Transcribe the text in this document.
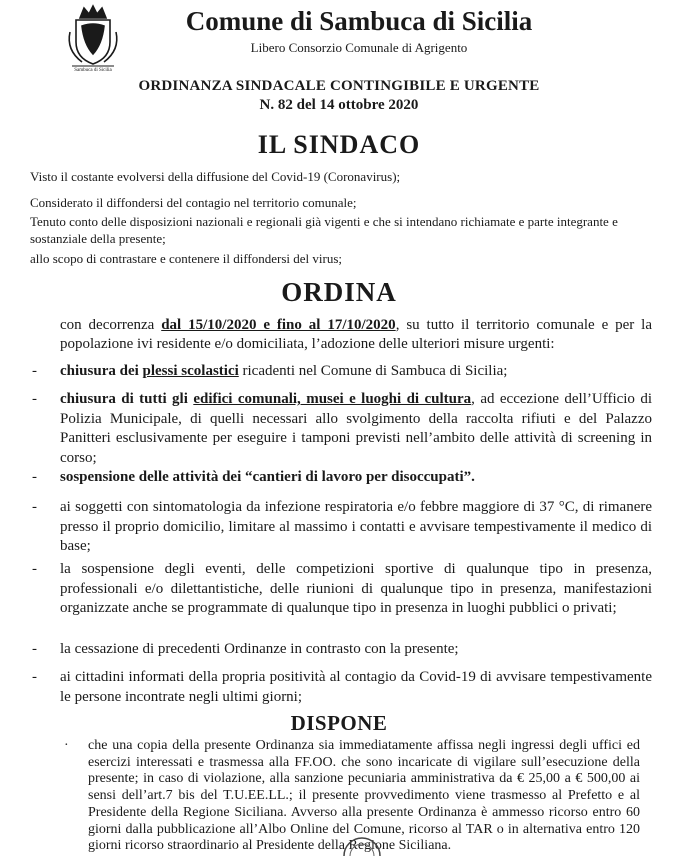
Sambuca di Sicilia
Comune di Sambuca di Sicilia
Libero Consorzio Comunale di Agrigento
ORDINANZA SINDACALE CONTINGIBILE E URGENTE
N. 82 del 14 ottobre 2020
IL SINDACO
Visto il costante evolversi della diffusione del Covid-19 (Coronavirus);
Considerato il diffondersi del contagio nel territorio comunale;
Tenuto conto delle disposizioni nazionali e regionali già vigenti e che si intendano richiamate e parte integrante e sostanziale della presente;
allo scopo di contrastare e contenere il diffondersi del virus;
ORDINA
con decorrenza dal 15/10/2020 e fino al 17/10/2020, su tutto il territorio comunale e per la popolazione ivi residente e/o domiciliata, l’adozione delle ulteriori misure urgenti:
- chiusura dei plessi scolastici ricadenti nel Comune di Sambuca di Sicilia;
- chiusura di tutti gli edifici comunali, musei e luoghi di cultura, ad eccezione dell’Ufficio di Polizia Municipale, di quelli necessari allo svolgimento della raccolta rifiuti e del Palazzo Panitteri esclusivamente per eseguire i tamponi previsti nell’ambito delle attività di screening in corso;
- sospensione delle attività dei “cantieri di lavoro per disoccupati”.
- ai soggetti con sintomatologia da infezione respiratoria e/o febbre maggiore di 37 °C, di rimanere presso il proprio domicilio, limitare al massimo i contatti e avvisare tempestivamente il medico di base;
- la sospensione degli eventi, delle competizioni sportive di qualunque tipo in presenza, professionali e/o dilettantistiche, delle riunioni di qualunque tipo in presenza, manifestazioni organizzate anche se programmate di qualunque tipo in presenza in luoghi pubblici o privati;
- la cessazione di precedenti Ordinanze in contrasto con la presente;
- ai cittadini informati della propria positività al contagio da Covid-19 di avvisare tempestivamente le persone incontrate negli ultimi giorni;
DISPONE
· che una copia della presente Ordinanza sia immediatamente affissa negli ingressi degli uffici ed esercizi interessati e trasmessa alla FF.OO. che sono incaricate di vigilare sull’esecuzione della presente; in caso di violazione, alla sanzione pecuniaria amministrativa da € 25,00 a € 500,00 ai sensi dell’art.7 bis del T.U.EE.LL.; il presente provvedimento viene trasmesso al Prefetto e al Presidente della Regione Siciliana. Avverso alla presente Ordinanza è ammesso ricorso entro 60 giorni dalla pubblicazione all’Albo Online del Comune, ricorso al TAR o in alternativa entro 120 giorni ricorso straordinario al Presidente della Regione Siciliana.
